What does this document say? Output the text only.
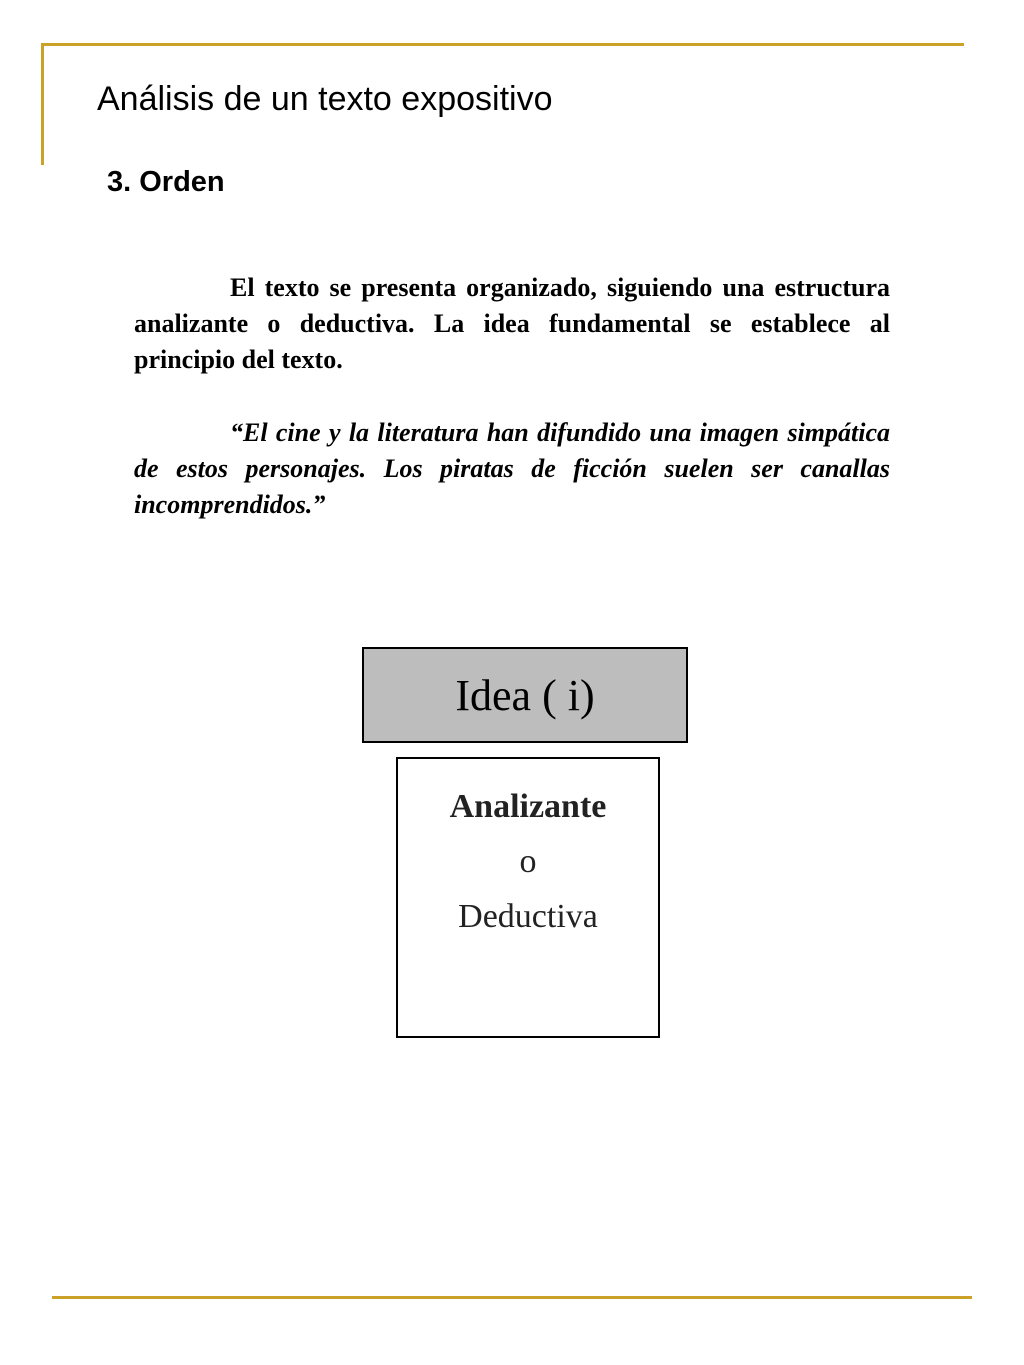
Análisis de un texto expositivo
3. Orden

El texto se presenta organizado, siguiendo una estructura analizante o deductiva. La idea fundamental se establece al principio del texto.

“El cine y la literatura han difundido una imagen simpática de estos personajes. Los piratas de ficción suelen ser canallas incomprendidos.”

Idea ( i)
Analizante
o
Deductiva
